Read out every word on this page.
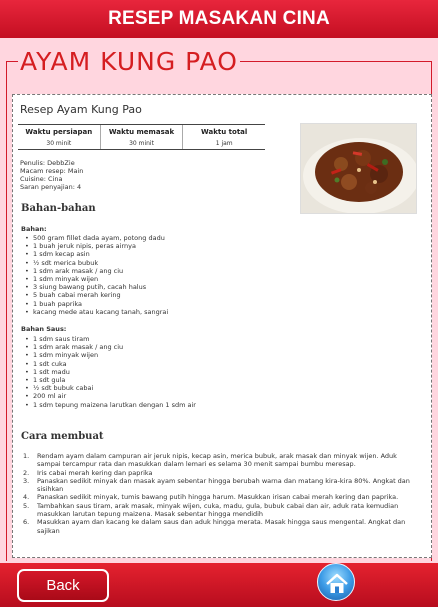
RESEP MASAKAN CINA
AYAM KUNG PAO
Resep Ayam Kung Pao
Waktu persiapan
30 minit
Waktu memasak
30 minit
Waktu total
1 jam
Penulis: DebbZie
Macam resep: Main
Cuisine: Cina
Saran penyajian: 4
Bahan-bahan
Bahan:
• 500 gram fillet dada ayam, potong dadu
• 1 buah jeruk nipis, peras airnya
• 1 sdm kecap asin
• ½ sdt merica bubuk
• 1 sdm arak masak / ang ciu
• 1 sdm minyak wijen
• 3 siung bawang putih, cacah halus
• 5 buah cabai merah kering
• 1 buah paprika
• kacang mede atau kacang tanah, sangrai
Bahan Saus:
• 1 sdm saus tiram
• 1 sdm arak masak / ang ciu
• 1 sdm minyak wijen
• 1 sdt cuka
• 1 sdt madu
• 1 sdt gula
• ½ sdt bubuk cabai
• 200 ml air
• 1 sdm tepung maizena larutkan dengan 1 sdm air
Cara membuat
1. Rendam ayam dalam campuran air jeruk nipis, kecap asin, merica bubuk, arak masak dan minyak wijen. Aduk sampai tercampur rata dan masukkan dalam lemari es selama 30 menit sampai bumbu meresap.
2. Iris cabai merah kering dan paprika
3. Panaskan sedikit minyak dan masak ayam sebentar hingga berubah warna dan matang kira-kira 80%. Angkat dan sisihkan
4. Panaskan sedikit minyak, tumis bawang putih hingga harum. Masukkan irisan cabai merah kering dan paprika.
5. Tambahkan saus tiram, arak masak, minyak wijen, cuka, madu, gula, bubuk cabai dan air, aduk rata kemudian masukkan larutan tepung maizena. Masak sebentar hingga mendidih
6. Masukkan ayam dan kacang ke dalam saus dan aduk hingga merata. Masak hingga saus mengental. Angkat dan sajikan
Back
